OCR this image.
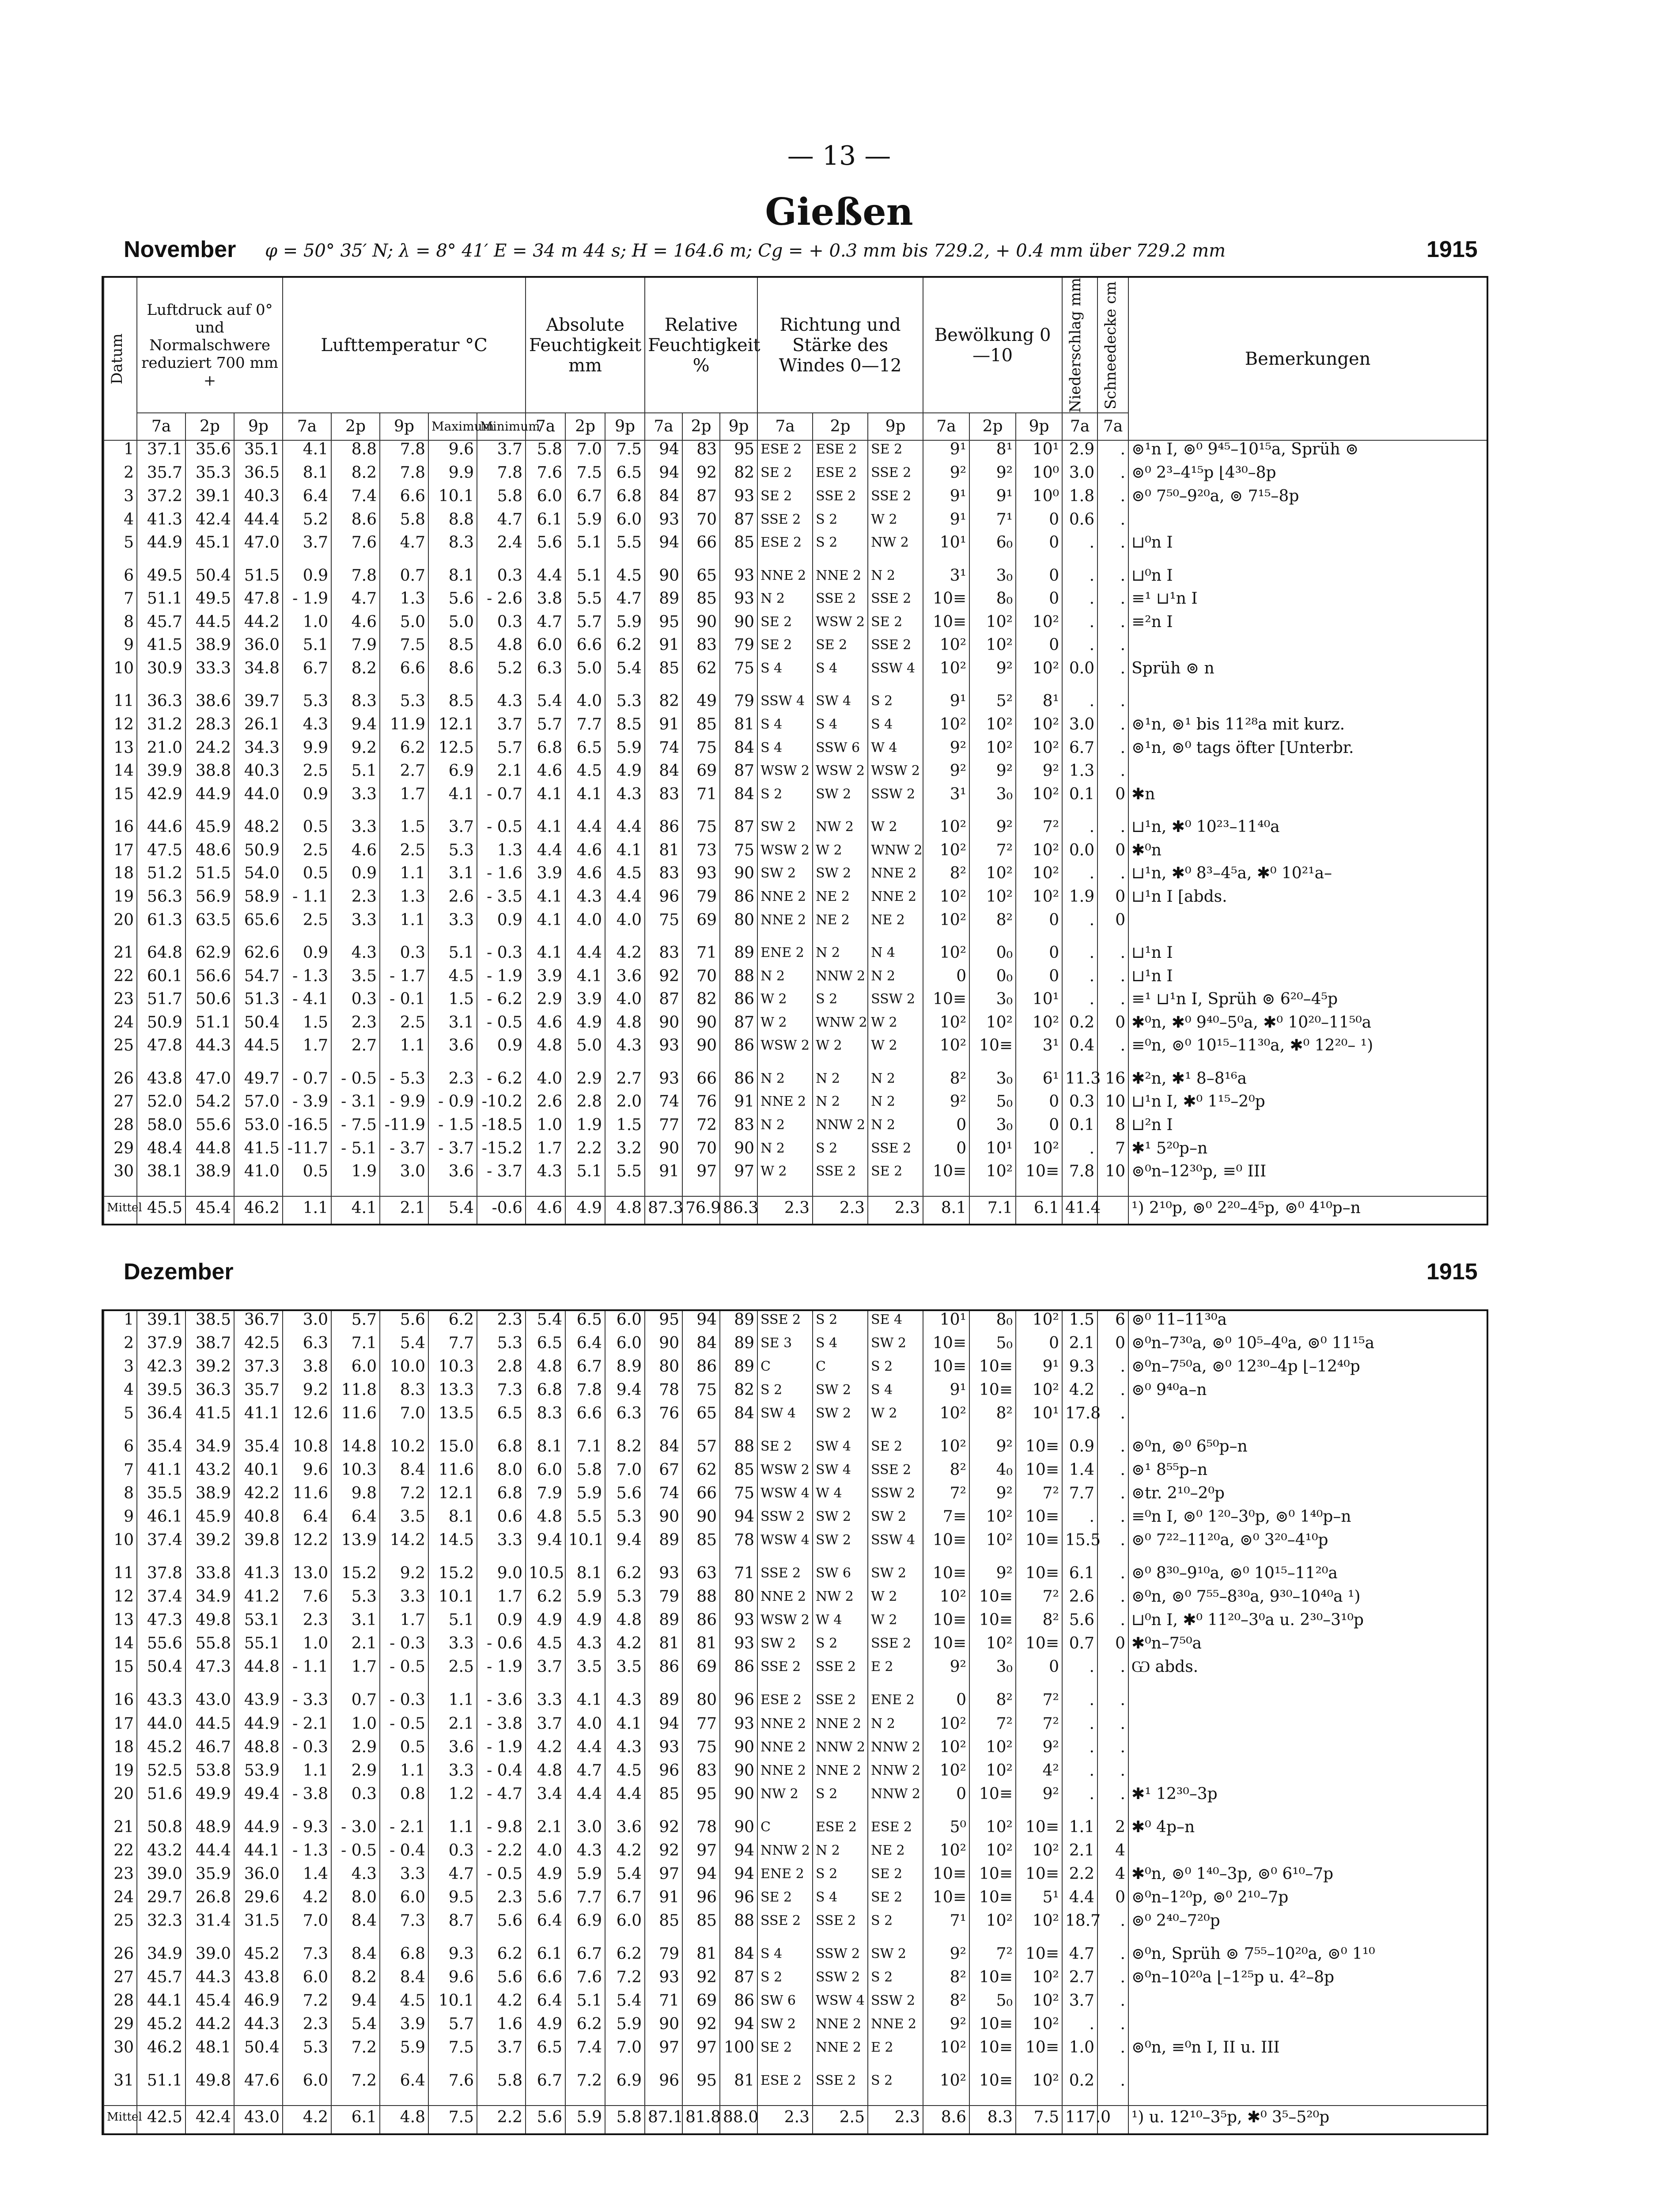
— 13 —
Gießen
November φ = 50° 35′ N; λ = 8° 41′ E = 34 m 44 s; H = 164.6 m; Cg = + 0.3 mm bis 729.2, + 0.4 mm über 729.2 mm	1915
Datum	Luftdruck auf 0° und Normalschwere reduziert 700 mm +			Lufttemperatur °C					Absolute Feuchtigkeit mm			Relative Feuchtigkeit %			Richtung und Stärke des Windes 0—12			Bewölkung 0—10			Niederschlag mm	Schneedecke cm	Bemerkungen
	7a	2p	9p	7a	2p	9p	Maximum	Minimum	7a	2p	9p	7a	2p	9p	7a	2p	9p	7a	2p	9p	7a	7a	
1	37.1	35.6	35.1	4.1	8.8	7.8	9.6	3.7	5.8	7.0	7.5	94	83	95	ESE 2	ESE 2	SE 2	9¹	8¹	10¹	2.9	.	⊚¹n I, ⊚⁰ 9⁴⁵–10¹⁵a, Sprüh ⊚
2	35.7	35.3	36.5	8.1	8.2	7.8	9.9	7.8	7.6	7.5	6.5	94	92	82	SE 2	ESE 2	SSE 2	9²	9²	10⁰	3.0	.	⊚⁰ 2³–4¹⁵p ⌊4³⁰–8p
3	37.2	39.1	40.3	6.4	7.4	6.6	10.1	5.8	6.0	6.7	6.8	84	87	93	SE 2	SSE 2	SSE 2	9¹	9¹	10⁰	1.8	.	⊚⁰ 7⁵⁰–9²⁰a, ⊚ 7¹⁵–8p
4	41.3	42.4	44.4	5.2	8.6	5.8	8.8	4.7	6.1	5.9	6.0	93	70	87	SSE 2	S 2	W 2	9¹	7¹	0	0.6	.	
5	44.9	45.1	47.0	3.7	7.6	4.7	8.3	2.4	5.6	5.1	5.5	94	66	85	ESE 2	S 2	NW 2	10¹	6₀	0	.	.	⊔⁰n I

6	49.5	50.4	51.5	0.9	7.8	0.7	8.1	0.3	4.4	5.1	4.5	90	65	93	NNE 2	NNE 2	N 2	3¹	3₀	0	.	.	⊔⁰n I
7	51.1	49.5	47.8	- 1.9	4.7	1.3	5.6	- 2.6	3.8	5.5	4.7	89	85	93	N 2	SSE 2	SSE 2	10≡	8₀	0	.	.	≡¹ ⊔¹n I
8	45.7	44.5	44.2	1.0	4.6	5.0	5.0	0.3	4.7	5.7	5.9	95	90	90	SE 2	WSW 2	SE 2	10≡	10²	10²	.	.	≡²n I
9	41.5	38.9	36.0	5.1	7.9	7.5	8.5	4.8	6.0	6.6	6.2	91	83	79	SE 2	SE 2	SSE 2	10²	10²	0	.	.	
10	30.9	33.3	34.8	6.7	8.2	6.6	8.6	5.2	6.3	5.0	5.4	85	62	75	S 4	S 4	SSW 4	10²	9²	10²	0.0	.	Sprüh ⊚ n

11	36.3	38.6	39.7	5.3	8.3	5.3	8.5	4.3	5.4	4.0	5.3	82	49	79	SSW 4	SW 4	S 2	9¹	5²	8¹	.	.	
12	31.2	28.3	26.1	4.3	9.4	11.9	12.1	3.7	5.7	7.7	8.5	91	85	81	S 4	S 4	S 4	10²	10²	10²	3.0	.	⊚¹n, ⊚¹ bis 11²⁸a mit kurz.
13	21.0	24.2	34.3	9.9	9.2	6.2	12.5	5.7	6.8	6.5	5.9	74	75	84	S 4	SSW 6	W 4	9²	10²	10²	6.7	.	⊚¹n, ⊚⁰ tags öfter [Unterbr.
14	39.9	38.8	40.3	2.5	5.1	2.7	6.9	2.1	4.6	4.5	4.9	84	69	87	WSW 2	WSW 2	WSW 2	9²	9²	9²	1.3	.	
15	42.9	44.9	44.0	0.9	3.3	1.7	4.1	- 0.7	4.1	4.1	4.3	83	71	84	S 2	SW 2	SSW 2	3¹	3₀	10²	0.1	0	✱n

16	44.6	45.9	48.2	0.5	3.3	1.5	3.7	- 0.5	4.1	4.4	4.4	86	75	87	SW 2	NW 2	W 2	10²	9²	7²	.	.	⊔¹n, ✱⁰ 10²³–11⁴⁰a
17	47.5	48.6	50.9	2.5	4.6	2.5	5.3	1.3	4.4	4.6	4.1	81	73	75	WSW 2	W 2	WNW 2	10²	7²	10²	0.0	0	✱⁰n
18	51.2	51.5	54.0	0.5	0.9	1.1	3.1	- 1.6	3.9	4.6	4.5	83	93	90	SW 2	SW 2	NNE 2	8²	10²	10²	.	.	⊔¹n, ✱⁰ 8³–4⁵a, ✱⁰ 10²¹a–
19	56.3	56.9	58.9	- 1.1	2.3	1.3	2.6	- 3.5	4.1	4.3	4.4	96	79	86	NNE 2	NE 2	NNE 2	10²	10²	10²	1.9	0	⊔¹n I [abds.
20	61.3	63.5	65.6	2.5	3.3	1.1	3.3	0.9	4.1	4.0	4.0	75	69	80	NNE 2	NE 2	NE 2	10²	8²	0	.	0	

21	64.8	62.9	62.6	0.9	4.3	0.3	5.1	- 0.3	4.1	4.4	4.2	83	71	89	ENE 2	N 2	N 4	10²	0₀	0	.	.	⊔¹n I
22	60.1	56.6	54.7	- 1.3	3.5	- 1.7	4.5	- 1.9	3.9	4.1	3.6	92	70	88	N 2	NNW 2	N 2	0	0₀	0	.	.	⊔¹n I
23	51.7	50.6	51.3	- 4.1	0.3	- 0.1	1.5	- 6.2	2.9	3.9	4.0	87	82	86	W 2	S 2	SSW 2	10≡	3₀	10¹	.	.	≡¹ ⊔¹n I, Sprüh ⊚ 6²⁰–4⁵p
24	50.9	51.1	50.4	1.5	2.3	2.5	3.1	- 0.5	4.6	4.9	4.8	90	90	87	W 2	WNW 2	W 2	10²	10²	10²	0.2	0	✱⁰n, ✱⁰ 9⁴⁰–5⁰a, ✱⁰ 10²⁰–11⁵⁰a
25	47.8	44.3	44.5	1.7	2.7	1.1	3.6	0.9	4.8	5.0	4.3	93	90	86	WSW 2	W 2	W 2	10²	10≡	3¹	0.4	.	≡⁰n, ⊚⁰ 10¹⁵–11³⁰a, ✱⁰ 12²⁰– ¹)

26	43.8	47.0	49.7	- 0.7	- 0.5	- 5.3	2.3	- 6.2	4.0	2.9	2.7	93	66	86	N 2	N 2	N 2	8²	3₀	6¹	11.3	16	✱²n, ✱¹ 8–8¹⁶a
27	52.0	54.2	57.0	- 3.9	- 3.1	- 9.9	- 0.9	-10.2	2.6	2.8	2.0	74	76	91	NNE 2	N 2	N 2	9²	5₀	0	0.3	10	⊔¹n I, ✱⁰ 1¹⁵–2⁰p
28	58.0	55.6	53.0	-16.5	- 7.5	-11.9	- 1.5	-18.5	1.0	1.9	1.5	77	72	83	N 2	NNW 2	N 2	0	3₀	0	0.1	8	⊔²n I
29	48.4	44.8	41.5	-11.7	- 5.1	- 3.7	- 3.7	-15.2	1.7	2.2	3.2	90	70	90	N 2	S 2	SSE 2	0	10¹	10²	.	7	✱¹ 5²⁰p–n
30	38.1	38.9	41.0	0.5	1.9	3.0	3.6	- 3.7	4.3	5.1	5.5	91	97	97	W 2	SSE 2	SE 2	10≡	10²	10≡	7.8	10	⊚⁰n–12³⁰p, ≡⁰ III

Mittel	45.5	45.4	46.2	1.1	4.1	2.1	5.4	-0.6	4.6	4.9	4.8	87.3	76.9	86.3	2.3	2.3	2.3	8.1	7.1	6.1	41.4		¹) 2¹⁰p, ⊚⁰ 2²⁰–4⁵p, ⊚⁰ 4¹⁰p–n
Dezember	1915
1	39.1	38.5	36.7	3.0	5.7	5.6	6.2	2.3	5.4	6.5	6.0	95	94	89	SSE 2	S 2	SE 4	10¹	8₀	10²	1.5	6	⊚⁰ 11–11³⁰a
2	37.9	38.7	42.5	6.3	7.1	5.4	7.7	5.3	6.5	6.4	6.0	90	84	89	SE 3	S 4	SW 2	10≡	5₀	0	2.1	0	⊚⁰n–7³⁰a, ⊚⁰ 10⁵–4⁰a, ⊚⁰ 11¹⁵a
3	42.3	39.2	37.3	3.8	6.0	10.0	10.3	2.8	4.8	6.7	8.9	80	86	89	C	C	S 2	10≡	10≡	9¹	9.3	.	⊚⁰n–7⁵⁰a, ⊚⁰ 12³⁰–4p ⌊–12⁴⁰p
4	39.5	36.3	35.7	9.2	11.8	8.3	13.3	7.3	6.8	7.8	9.4	78	75	82	S 2	SW 2	S 4	9¹	10≡	10²	4.2	.	⊚⁰ 9⁴⁰a–n
5	36.4	41.5	41.1	12.6	11.6	7.0	13.5	6.5	8.3	6.6	6.3	76	65	84	SW 4	SW 2	W 2	10²	8²	10¹	17.8	.	

6	35.4	34.9	35.4	10.8	14.8	10.2	15.0	6.8	8.1	7.1	8.2	84	57	88	SE 2	SW 4	SE 2	10²	9²	10≡	0.9	.	⊚⁰n, ⊚⁰ 6⁵⁰p–n
7	41.1	43.2	40.1	9.6	10.3	8.4	11.6	8.0	6.0	5.8	7.0	67	62	85	WSW 2	SW 4	SSE 2	8²	4₀	10≡	1.4	.	⊚¹ 8⁵⁵p–n
8	35.5	38.9	42.2	11.6	9.8	7.2	12.1	6.8	7.9	5.9	5.6	74	66	75	WSW 4	W 4	SSW 2	7²	9²	7²	7.7	.	⊚tr. 2¹⁰–2⁰p
9	46.1	45.9	40.8	6.4	6.4	3.5	8.1	0.6	4.8	5.5	5.3	90	90	94	SSW 2	SW 2	SW 2	7≡	10²	10≡	.	.	≡⁰n I, ⊚⁰ 1²⁰–3⁰p, ⊚⁰ 1⁴⁰p–n
10	37.4	39.2	39.8	12.2	13.9	14.2	14.5	3.3	9.4	10.1	9.4	89	85	78	WSW 4	SW 2	SSW 4	10≡	10²	10≡	15.5	.	⊚⁰ 7²²–11²⁰a, ⊚⁰ 3²⁰–4¹⁰p

11	37.8	33.8	41.3	13.0	15.2	9.2	15.2	9.0	10.5	8.1	6.2	93	63	71	SSE 2	SW 6	SW 2	10≡	9²	10≡	6.1	.	⊚⁰ 8³⁰–9¹⁰a, ⊚⁰ 10¹⁵–11²⁰a
12	37.4	34.9	41.2	7.6	5.3	3.3	10.1	1.7	6.2	5.9	5.3	79	88	80	NNE 2	NW 2	W 2	10²	10≡	7²	2.6	.	⊚⁰n, ⊚⁰ 7⁵⁵–8³⁰a, 9³⁰–10⁴⁰a ¹)
13	47.3	49.8	53.1	2.3	3.1	1.7	5.1	0.9	4.9	4.9	4.8	89	86	93	WSW 2	W 4	W 2	10≡	10≡	8²	5.6	.	⊔⁰n I, ✱⁰ 11²⁰–3⁰a u. 2³⁰–3¹⁰p
14	55.6	55.8	55.1	1.0	2.1	- 0.3	3.3	- 0.6	4.5	4.3	4.2	81	81	93	SW 2	S 2	SSE 2	10≡	10²	10≡	0.7	0	✱⁰n–7⁵⁰a
15	50.4	47.3	44.8	- 1.1	1.7	- 0.5	2.5	- 1.9	3.7	3.5	3.5	86	69	86	SSE 2	SSE 2	E 2	9²	3₀	0	.	.	Ѡ abds.

16	43.3	43.0	43.9	- 3.3	0.7	- 0.3	1.1	- 3.6	3.3	4.1	4.3	89	80	96	ESE 2	SSE 2	ENE 2	0	8²	7²	.	.	
17	44.0	44.5	44.9	- 2.1	1.0	- 0.5	2.1	- 3.8	3.7	4.0	4.1	94	77	93	NNE 2	NNE 2	N 2	10²	7²	7²	.	.	
18	45.2	46.7	48.8	- 0.3	2.9	0.5	3.6	- 1.9	4.2	4.4	4.3	93	75	90	NNE 2	NNW 2	NNW 2	10²	10²	9²	.	.	
19	52.5	53.8	53.9	1.1	2.9	1.1	3.3	- 0.4	4.8	4.7	4.5	96	83	90	NNE 2	NNE 2	NNW 2	10²	10²	4²	.	.	
20	51.6	49.9	49.4	- 3.8	0.3	0.8	1.2	- 4.7	3.4	4.4	4.4	85	95	90	NW 2	S 2	NNW 2	0	10≡	9²	.	.	✱¹ 12³⁰–3p

21	50.8	48.9	44.9	- 9.3	- 3.0	- 2.1	1.1	- 9.8	2.1	3.0	3.6	92	78	90	C	ESE 2	ESE 2	5⁰	10²	10≡	1.1	2	✱⁰ 4p–n
22	43.2	44.4	44.1	- 1.3	- 0.5	- 0.4	0.3	- 2.2	4.0	4.3	4.2	92	97	94	NNW 2	N 2	NE 2	10²	10²	10²	2.1	4	
23	39.0	35.9	36.0	1.4	4.3	3.3	4.7	- 0.5	4.9	5.9	5.4	97	94	94	ENE 2	S 2	SE 2	10≡	10≡	10≡	2.2	4	✱⁰n, ⊚⁰ 1⁴⁰–3p, ⊚⁰ 6¹⁰–7p
24	29.7	26.8	29.6	4.2	8.0	6.0	9.5	2.3	5.6	7.7	6.7	91	96	96	SE 2	S 4	SE 2	10≡	10≡	5¹	4.4	0	⊚⁰n–1²⁰p, ⊚⁰ 2¹⁰–7p
25	32.3	31.4	31.5	7.0	8.4	7.3	8.7	5.6	6.4	6.9	6.0	85	85	88	SSE 2	SSE 2	S 2	7¹	10²	10²	18.7	.	⊚⁰ 2⁴⁰–7²⁰p

26	34.9	39.0	45.2	7.3	8.4	6.8	9.3	6.2	6.1	6.7	6.2	79	81	84	S 4	SSW 2	SW 2	9²	7²	10≡	4.7	.	⊚⁰n, Sprüh ⊚ 7⁵⁵–10²⁰a, ⊚⁰ 1¹⁰
27	45.7	44.3	43.8	6.0	8.2	8.4	9.6	5.6	6.6	7.6	7.2	93	92	87	S 2	SSW 2	S 2	8²	10≡	10²	2.7	.	⊚⁰n–10²⁰a ⌊–1²⁵p u. 4²–8p
28	44.1	45.4	46.9	7.2	9.4	4.5	10.1	4.2	6.4	5.1	5.4	71	69	86	SW 6	WSW 4	SSW 2	8²	5₀	10²	3.7	.	
29	45.2	44.2	44.3	2.3	5.4	3.9	5.7	1.6	4.9	6.2	5.9	90	92	94	SW 2	NNE 2	NNE 2	9²	10≡	10²	.	.	
30	46.2	48.1	50.4	5.3	7.2	5.9	7.5	3.7	6.5	7.4	7.0	97	97	100	SE 2	NNE 2	E 2	10²	10≡	10≡	1.0	.	⊚⁰n, ≡⁰n I, II u. III

31	51.1	49.8	47.6	6.0	7.2	6.4	7.6	5.8	6.7	7.2	6.9	96	95	81	ESE 2	SSE 2	S 2	10²	10≡	10²	0.2	.	

Mittel	42.5	42.4	43.0	4.2	6.1	4.8	7.5	2.2	5.6	5.9	5.8	87.1	81.8	88.0	2.3	2.5	2.3	8.6	8.3	7.5	117.0		¹) u. 12¹⁰–3⁵p, ✱⁰ 3⁵–5²⁰p
